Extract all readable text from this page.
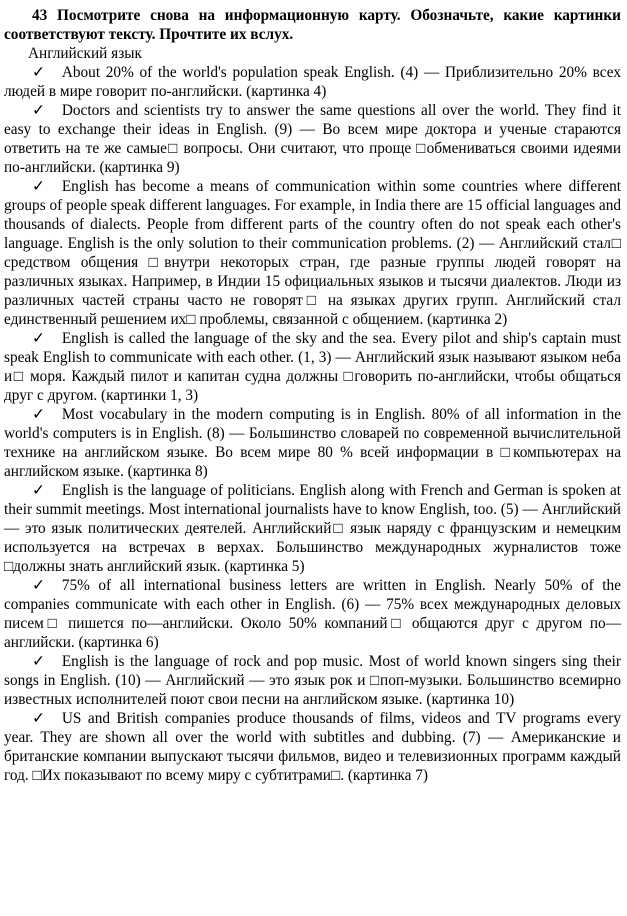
43 Посмотрите снова на информационную карту. Обозначьте, какие картинки соответствуют тексту. Прочтите их вслух.

Английский язык

✓ About 20% of the world's population speak English. (4) — Приблизительно 20% всех людей в мире говорит по-английски. (картинка 4)

✓ Doctors and scientists try to answer the same questions all over the world. They find it easy to exchange their ideas in English. (9) — Во всем мире доктора и ученые стараются ответить на те же самые□ вопросы. Они считают, что проще □обмениваться своими идеями по-английски. (картинка 9)

✓ English has become a means of communication within some countries where different groups of people speak different languages. For example, in India there are 15 official languages and thousands of dialects. People from different parts of the country often do not speak each other's language. English is the only solution to their communication problems. (2) — Английский стал□ средством общения □внутри некоторых стран, где разные группы людей говорят на различных языках. Например, в Индии 15 официальных языков и тысячи диалектов. Люди из различных частей страны часто не говорят□ на языках других групп. Английский стал единственный решением их□ проблемы, связанной с общением. (картинка 2)

✓ English is called the language of the sky and the sea. Every pilot and ship's captain must speak English to communicate with each other. (1, 3) — Английский язык называют языком неба и□ моря. Каждый пилот и капитан судна должны □говорить по-английски, чтобы общаться друг с другом. (картинки 1, 3)

✓ Most vocabulary in the modern computing is in English. 80% of all information in the world's computers is in English. (8) — Большинство словарей по современной вычислительной технике на английском языке. Во всем мире 80 % всей информации в □компьютерах на английском языке. (картинка 8)

✓ English is the language of politicians. English along with French and German is spoken at their summit meetings. Most international journalists have to know English, too. (5) — Английский — это язык политических деятелей. Английский□ язык наряду с французским и немецким используется на встречах в верхах. Большинство международных журналистов тоже □должны знать английский язык. (картинка 5)

✓ 75% of all international business letters are written in English. Nearly 50% of the companies communicate with each other in English. (6) — 75% всех международных деловых писем□ пишется по—английски. Около 50% компаний□ общаются друг с другом по—английски. (картинка 6)

✓ English is the language of rock and pop music. Most of world known singers sing their songs in English. (10) — Английский — это язык рок и □поп-музыки. Большинство всемирно известных исполнителей поют свои песни на английском языке. (картинка 10)

✓ US and British companies produce thousands of films, videos and TV programs every year. They are shown all over the world with subtitles and dubbing. (7) — Американские и британские компании выпускают тысячи фильмов, видео и телевизионных программ каждый год. □Их показывают по всему миру с субтитрами□. (картинка 7)
